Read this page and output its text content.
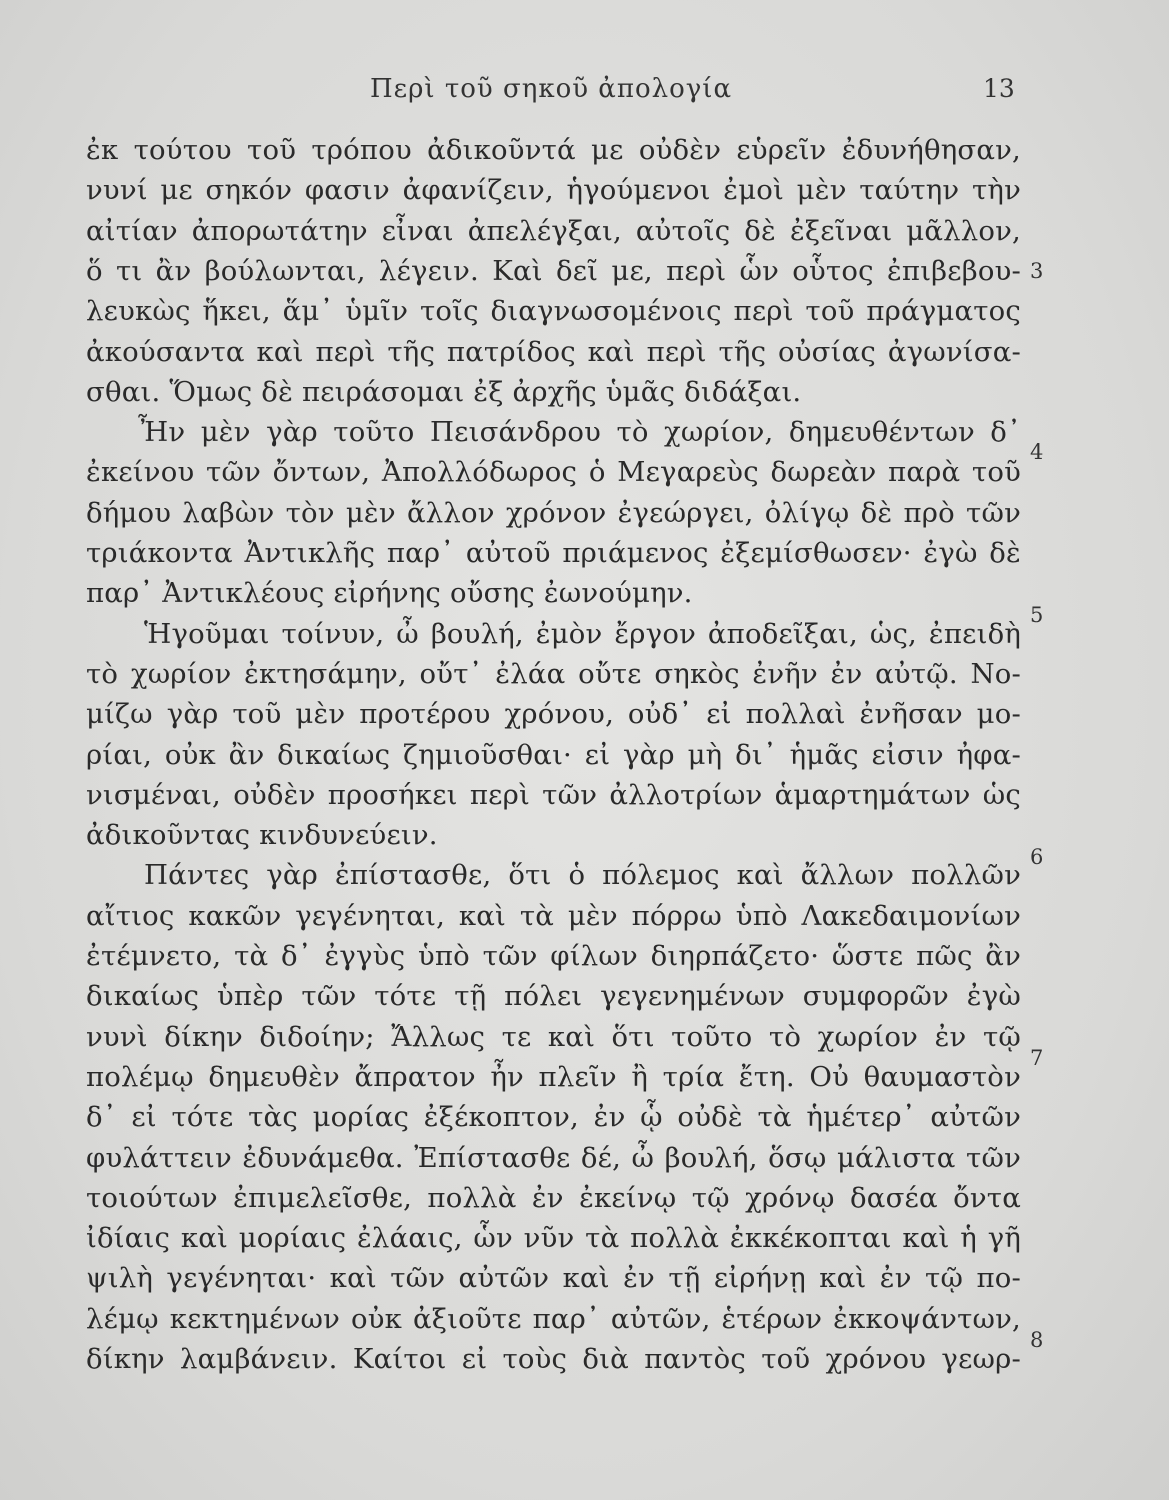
Περὶ τοῦ σηκοῦ ἀπολογία	13
ἐκ τούτου τοῦ τρόπου ἀδικοῦντά με οὐδὲν εὑρεῖν ἐδυνήθησαν,
νυνί με σηκόν φασιν ἀφανίζειν, ἡγούμενοι ἐμοὶ μὲν ταύτην τὴν
αἰτίαν ἀπορωτάτην εἶναι ἀπελέγξαι, αὐτοῖς δὲ ἐξεῖναι μᾶλλον,
ὅ τι ἂν βούλωνται, λέγειν. Καὶ δεῖ με, περὶ ὧν οὗτος ἐπιβεβου-
λευκὼς ἥκει, ἅμ᾽ ὑμῖν τοῖς διαγνωσομένοις περὶ τοῦ πράγματος
ἀκούσαντα καὶ περὶ τῆς πατρίδος καὶ περὶ τῆς οὐσίας ἀγωνίσα-
σθαι. Ὅμως δὲ πειράσομαι ἐξ ἀρχῆς ὑμᾶς διδάξαι.
Ἦν μὲν γὰρ τοῦτο Πεισάνδρου τὸ χωρίον, δημευθέντων δ᾽
ἐκείνου τῶν ὄντων, Ἀπολλόδωρος ὁ Μεγαρεὺς δωρεὰν παρὰ τοῦ
δήμου λαβὼν τὸν μὲν ἄλλον χρόνον ἐγεώργει, ὀλίγῳ δὲ πρὸ τῶν
τριάκοντα Ἀντικλῆς παρ᾽ αὐτοῦ πριάμενος ἐξεμίσθωσεν· ἐγὼ δὲ
παρ᾽ Ἀντικλέους εἰρήνης οὔσης ἐωνούμην.
Ἡγοῦμαι τοίνυν, ὦ βουλή, ἐμὸν ἔργον ἀποδεῖξαι, ὡς, ἐπειδὴ
τὸ χωρίον ἐκτησάμην, οὔτ᾽ ἐλάα οὔτε σηκὸς ἐνῆν ἐν αὐτῷ. Νο-
μίζω γὰρ τοῦ μὲν προτέρου χρόνου, οὐδ᾽ εἰ πολλαὶ ἐνῆσαν μο-
ρίαι, οὐκ ἂν δικαίως ζημιοῦσθαι· εἰ γὰρ μὴ δι᾽ ἡμᾶς εἰσιν ἠφα-
νισμέναι, οὐδὲν προσήκει περὶ τῶν ἀλλοτρίων ἁμαρτημάτων ὡς
ἀδικοῦντας κινδυνεύειν.
Πάντες γὰρ ἐπίστασθε, ὅτι ὁ πόλεμος καὶ ἄλλων πολλῶν
αἴτιος κακῶν γεγένηται, καὶ τὰ μὲν πόρρω ὑπὸ Λακεδαιμονίων
ἐτέμνετο, τὰ δ᾽ ἐγγὺς ὑπὸ τῶν φίλων διηρπάζετο· ὥστε πῶς ἂν
δικαίως ὑπὲρ τῶν τότε τῇ πόλει γεγενημένων συμφορῶν ἐγὼ
νυνὶ δίκην διδοίην; Ἄλλως τε καὶ ὅτι τοῦτο τὸ χωρίον ἐν τῷ
πολέμῳ δημευθὲν ἄπρατον ἦν πλεῖν ἢ τρία ἔτη. Οὐ θαυμαστὸν
δ᾽ εἰ τότε τὰς μορίας ἐξέκοπτον, ἐν ᾧ οὐδὲ τὰ ἡμέτερ᾽ αὐτῶν
φυλάττειν ἐδυνάμεθα. Ἐπίστασθε δέ, ὦ βουλή, ὅσῳ μάλιστα τῶν
τοιούτων ἐπιμελεῖσθε, πολλὰ ἐν ἐκείνῳ τῷ χρόνῳ δασέα ὄντα
ἰδίαις καὶ μορίαις ἐλάαις, ὧν νῦν τὰ πολλὰ ἐκκέκοπται καὶ ἡ γῆ
ψιλὴ γεγένηται· καὶ τῶν αὐτῶν καὶ ἐν τῇ εἰρήνῃ καὶ ἐν τῷ πο-
λέμῳ κεκτημένων οὐκ ἀξιοῦτε παρ᾽ αὐτῶν, ἑτέρων ἐκκοψάντων,
δίκην λαμβάνειν. Καίτοι εἰ τοὺς διὰ παντὸς τοῦ χρόνου γεωρ-
3
4
5
6
7
8
